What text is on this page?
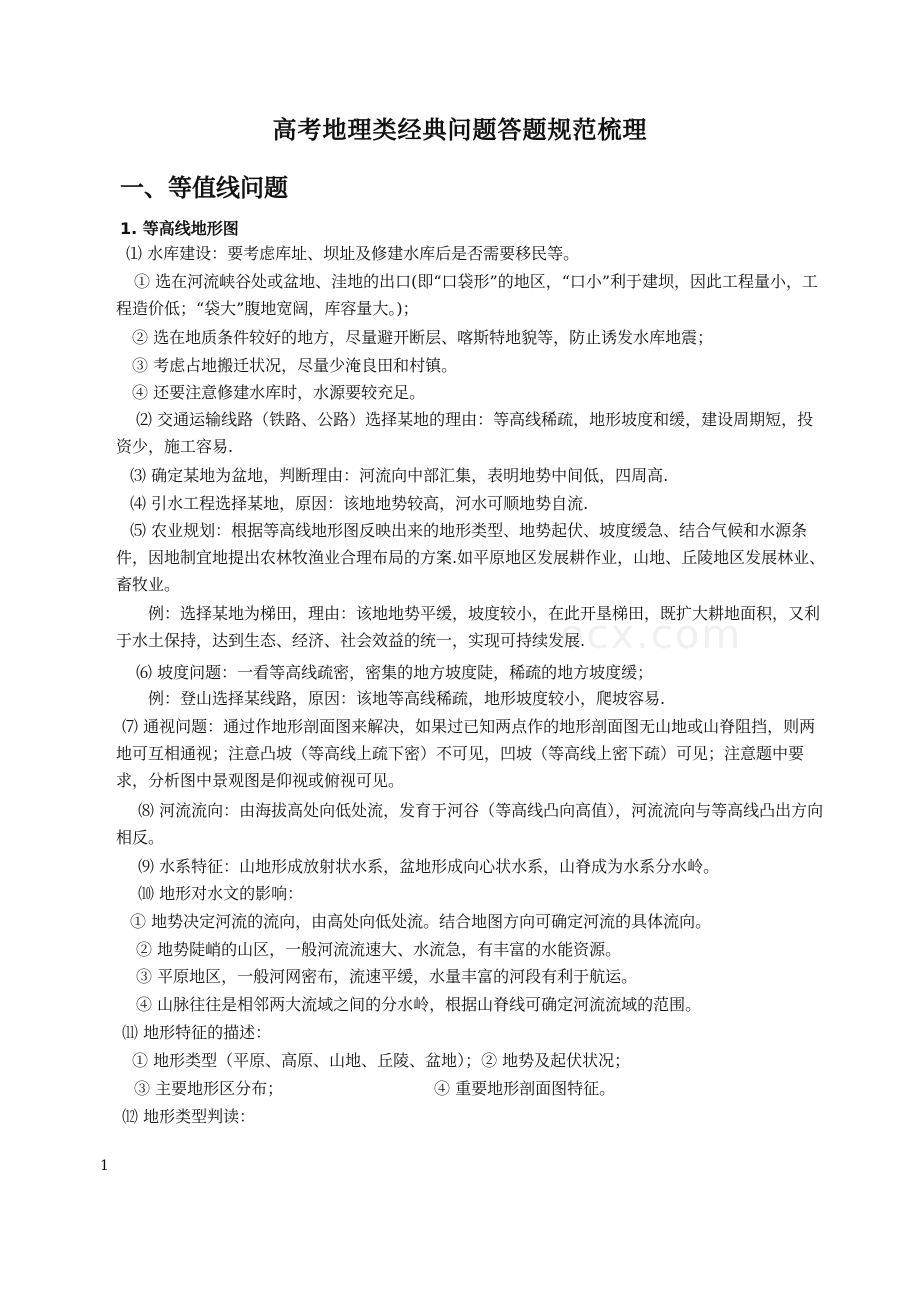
ocx.com
高考地理类经典问题答题规范梳理
一、等值线问题
1. 等高线地形图
⑴ 水库建设：要考虑库址、坝址及修建水库后是否需要移民等。
① 选在河流峡谷处或盆地、洼地的出口(即“口袋形”的地区，“口小”利于建坝，因此工程量小，工程造价低；“袋大”腹地宽阔，库容量大。)；
② 选在地质条件较好的地方，尽量避开断层、喀斯特地貌等，防止诱发水库地震；
③ 考虑占地搬迁状况，尽量少淹良田和村镇。
④ 还要注意修建水库时，水源要较充足。
⑵ 交通运输线路（铁路、公路）选择某地的理由：等高线稀疏，地形坡度和缓，建设周期短，投资少，施工容易.
⑶ 确定某地为盆地，判断理由：河流向中部汇集，表明地势中间低，四周高.
⑷ 引水工程选择某地，原因：该地地势较高，河水可顺地势自流.
⑸ 农业规划：根据等高线地形图反映出来的地形类型、地势起伏、坡度缓急、结合气候和水源条件，因地制宜地提出农林牧渔业合理布局的方案.如平原地区发展耕作业，山地、丘陵地区发展林业、畜牧业。
例：选择某地为梯田，理由：该地地势平缓，坡度较小，在此开垦梯田，既扩大耕地面积，又利于水土保持，达到生态、经济、社会效益的统一，实现可持续发展.
⑹ 坡度问题：一看等高线疏密，密集的地方坡度陡，稀疏的地方坡度缓；
例：登山选择某线路，原因：该地等高线稀疏，地形坡度较小，爬坡容易.
⑺ 通视问题：通过作地形剖面图来解决，如果过已知两点作的地形剖面图无山地或山脊阻挡，则两地可互相通视；注意凸坡（等高线上疏下密）不可见，凹坡（等高线上密下疏）可见；注意题中要求，分析图中景观图是仰视或俯视可见。
⑻ 河流流向：由海拔高处向低处流，发育于河谷（等高线凸向高值），河流流向与等高线凸出方向相反。
⑼ 水系特征：山地形成放射状水系，盆地形成向心状水系，山脊成为水系分水岭。
⑽ 地形对水文的影响：
① 地势决定河流的流向，由高处向低处流。结合地图方向可确定河流的具体流向。
② 地势陡峭的山区，一般河流流速大、水流急，有丰富的水能资源。
③ 平原地区，一般河网密布，流速平缓，水量丰富的河段有利于航运。
④ 山脉往往是相邻两大流域之间的分水岭，根据山脊线可确定河流流域的范围。
⑾ 地形特征的描述：
① 地形类型（平原、高原、山地、丘陵、盆地）；② 地势及起伏状况；
③ 主要地形区分布；	④ 重要地形剖面图特征。
⑿ 地形类型判读：
1
